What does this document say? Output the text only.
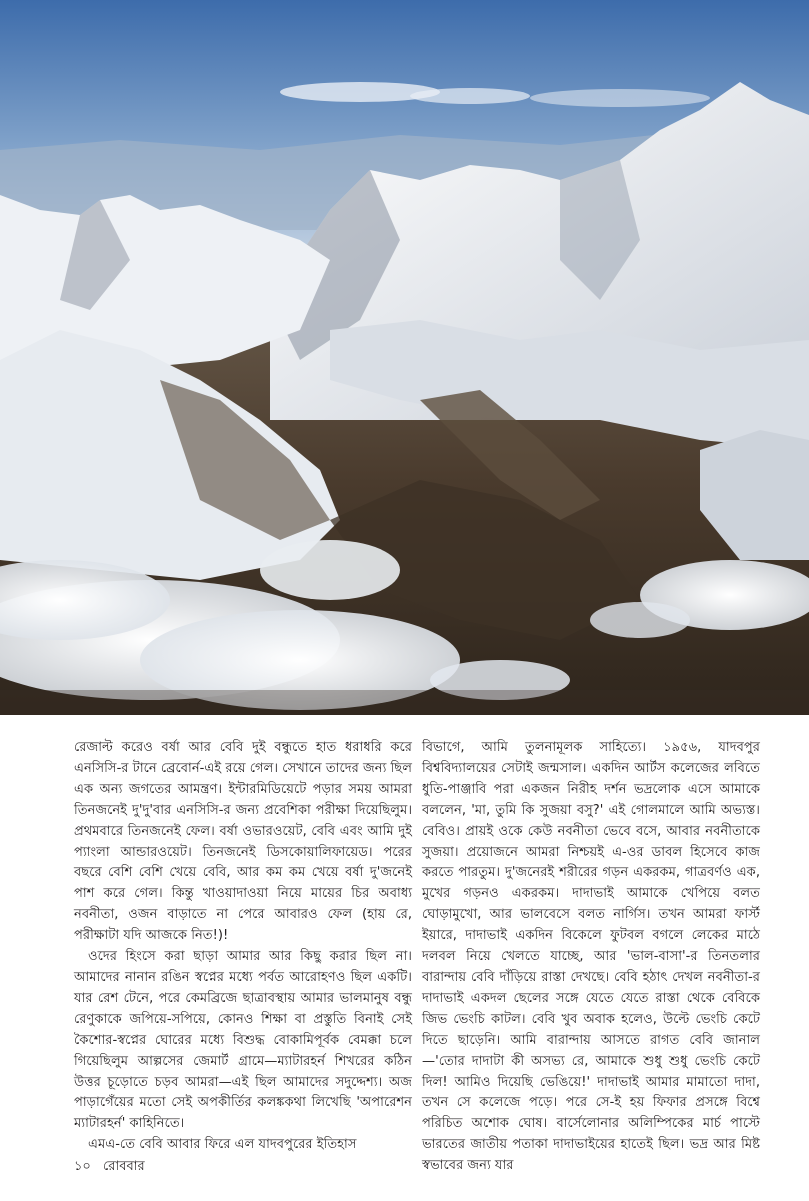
রেজাল্ট করেও বর্ষা আর বেবি দুই বন্ধুতে হাত ধরাধরি করে এনসিসি-র টানে ব্রেবোর্ন-এই রয়ে গেল। সেখানে তাদের জন্য ছিল এক অন্য জগতের আমন্ত্রণ। ইন্টারমিডিয়েটে পড়ার সময় আমরা তিনজনেই দু'দু'বার এনসিসি-র জন্য প্রবেশিকা পরীক্ষা দিয়েছিলুম। প্রথমবারে তিনজনেই ফেল। বর্ষা ওভারওয়েট, বেবি এবং আমি দুই প্যাংলা আন্ডারওয়েট। তিনজনেই ডিসকোয়ালিফায়েড। পরের বছরে বেশি বেশি খেয়ে বেবি, আর কম কম খেয়ে বর্ষা দু'জনেই পাশ করে গেল। কিন্তু খাওয়াদাওয়া নিয়ে মায়ের চির অবাধ্য নবনীতা, ওজন বাড়াতে না পেরে আবারও ফেল (হায় রে, পরীক্ষাটা যদি আজকে নিত!)!

ওদের হিংসে করা ছাড়া আমার আর কিছু করার ছিল না। আমাদের নানান রঙিন স্বপ্নের মধ্যে পর্বত আরোহণও ছিল একটি। যার রেশ টেনে, পরে কেমব্রিজে ছাত্রাবস্থায় আমার ভালমানুষ বন্ধু রেণুকাকে জপিয়ে-সপিয়ে, কোনও শিক্ষা বা প্রস্তুতি বিনাই সেই কৈশোর-স্বপ্নের ঘোরের মধ্যে বিশুদ্ধ বোকামিপূর্বক বেমক্কা চলে গিয়েছিলুম আল্পসের জেমার্ট গ্রামে—ম্যাটারহর্ন শিখরের কঠিন উত্তর চূড়োতে চড়ব আমরা—এই ছিল আমাদের সদুদ্দেশ্য। অজ পাড়াগেঁয়ের মতো সেই অপকীর্তির কলঙ্ককথা লিখেছি 'অপারেশন ম্যাটারহর্ন' কাহিনিতে।

এমএ-তে বেবি আবার ফিরে এল যাদবপুরের ইতিহাস

বিভাগে, আমি তুলনামূলক সাহিত্যে। ১৯৫৬, যাদবপুর বিশ্ববিদ্যালয়ের সেটাই জন্মসাল। একদিন আর্টস কলেজের লবিতে ধুতি-পাঞ্জাবি পরা একজন নিরীহ দর্শন ভদ্রলোক এসে আমাকে বললেন, 'মা, তুমি কি সুজয়া বসু?' এই গোলমালে আমি অভ্যস্ত। বেবিও। প্রায়ই ওকে কেউ নবনীতা ভেবে বসে, আবার নবনীতাকে সুজয়া। প্রয়োজনে আমরা নিশ্চয়ই এ-ওর ডাবল হিসেবে কাজ করতে পারতুম। দু'জনেরই শরীরের গড়ন একরকম, গাত্রবর্ণও এক, মুখের গড়নও একরকম। দাদাভাই আমাকে খেপিয়ে বলত ঘোড়ামুখো, আর ভালবেসে বলত নার্গিস। তখন আমরা ফার্স্ট ইয়ারে, দাদাভাই একদিন বিকেলে ফুটবল বগলে লেকের মাঠে দলবল নিয়ে খেলতে যাচ্ছে, আর 'ভাল-বাসা'-র তিনতলার বারান্দায় বেবি দাঁড়িয়ে রাস্তা দেখছে। বেবি হঠাৎ দেখল নবনীতা-র দাদাভাই একদল ছেলের সঙ্গে যেতে যেতে রাস্তা থেকে বেবিকে জিভ ভেংচি কাটল। বেবি খুব অবাক হলেও, উল্টে ভেংচি কেটে দিতে ছাড়েনি। আমি বারান্দায় আসতে রাগত বেবি জানাল—'তোর দাদাটা কী অসভ্য রে, আমাকে শুধু শুধু ভেংচি কেটে দিল! আমিও দিয়েছি ভেঙিয়ে!' দাদাভাই আমার মামাতো দাদা, তখন সে কলেজে পড়ে। পরে সে-ই হয় ফিফার প্রসঙ্গে বিশ্বে পরিচিত অশোক ঘোষ। বার্সেলোনার অলিম্পিকের মার্চ পাস্টে ভারতের জাতীয় পতাকা দাদাভাইয়ের হাতেই ছিল। ভদ্র আর মিষ্ট স্বভাবের জন্য যার

১০ রোববার
